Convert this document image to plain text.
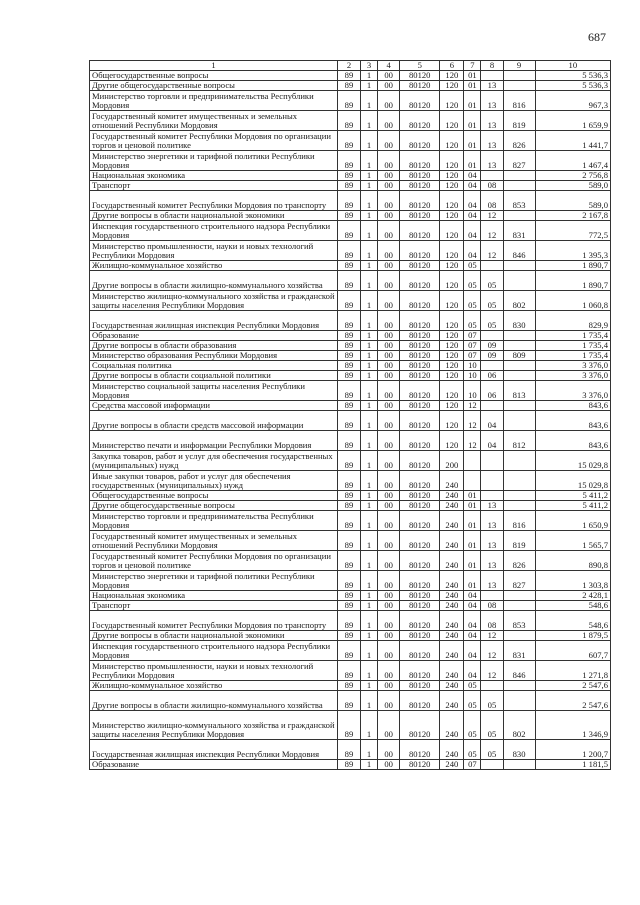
687
1	2	3	4	5	6	7	8	9	10
Общегосударственные вопросы	89	1	00	80120	120	01			5 536,3
Другие общегосударственные вопросы	89	1	00	80120	120	01	13		5 536,3
Министерство торговли и предпринимательства Республики Мордовия	89	1	00	80120	120	01	13	816	967,3
Государственный комитет имущественных и земельных отношений Республики Мордовия	89	1	00	80120	120	01	13	819	1 659,9
Государственный комитет Республики Мордовия по организации торгов и ценовой политике	89	1	00	80120	120	01	13	826	1 441,7
Министерство энергетики и тарифной политики Республики Мордовия	89	1	00	80120	120	01	13	827	1 467,4
Национальная экономика	89	1	00	80120	120	04			2 756,8
Транспорт	89	1	00	80120	120	04	08		589,0
Государственный комитет Республики Мордовия по транспорту	89	1	00	80120	120	04	08	853	589,0
Другие вопросы в области национальной экономики	89	1	00	80120	120	04	12		2 167,8
Инспекция государственного строительного надзора Республики Мордовия	89	1	00	80120	120	04	12	831	772,5
Министерство промышленности, науки и новых технологий Республики Мордовия	89	1	00	80120	120	04	12	846	1 395,3
Жилищно-коммунальное хозяйство	89	1	00	80120	120	05			1 890,7
Другие вопросы в области жилищно-коммунального хозяйства	89	1	00	80120	120	05	05		1 890,7
Министерство жилищно-коммунального хозяйства и гражданской защиты населения Республики Мордовия	89	1	00	80120	120	05	05	802	1 060,8
Государственная жилищная инспекция Республики Мордовия	89	1	00	80120	120	05	05	830	829,9
Образование	89	1	00	80120	120	07			1 735,4
Другие вопросы в области образования	89	1	00	80120	120	07	09		1 735,4
Министерство образования Республики Мордовия	89	1	00	80120	120	07	09	809	1 735,4
Социальная политика	89	1	00	80120	120	10			3 376,0
Другие вопросы в области социальной политики	89	1	00	80120	120	10	06		3 376,0
Министерство социальной защиты населения Республики Мордовия	89	1	00	80120	120	10	06	813	3 376,0
Средства массовой информации	89	1	00	80120	120	12			843,6
Другие вопросы в области средств массовой информации	89	1	00	80120	120	12	04		843,6
Министерство печати и информации Республики Мордовия	89	1	00	80120	120	12	04	812	843,6
Закупка товаров, работ и услуг для обеспечения государственных (муниципальных) нужд	89	1	00	80120	200				15 029,8
Иные закупки товаров, работ и услуг для обеспечения государственных (муниципальных) нужд	89	1	00	80120	240				15 029,8
Общегосударственные вопросы	89	1	00	80120	240	01			5 411,2
Другие общегосударственные вопросы	89	1	00	80120	240	01	13		5 411,2
Министерство торговли и предпринимательства Республики Мордовия	89	1	00	80120	240	01	13	816	1 650,9
Государственный комитет имущественных и земельных отношений Республики Мордовия	89	1	00	80120	240	01	13	819	1 565,7
Государственный комитет Республики Мордовия по организации торгов и ценовой политике	89	1	00	80120	240	01	13	826	890,8
Министерство энергетики и тарифной политики Республики Мордовия	89	1	00	80120	240	01	13	827	1 303,8
Национальная экономика	89	1	00	80120	240	04			2 428,1
Транспорт	89	1	00	80120	240	04	08		548,6
Государственный комитет Республики Мордовия по транспорту	89	1	00	80120	240	04	08	853	548,6
Другие вопросы в области национальной экономики	89	1	00	80120	240	04	12		1 879,5
Инспекция государственного строительного надзора Республики Мордовия	89	1	00	80120	240	04	12	831	607,7
Министерство промышленности, науки и новых технологий Республики Мордовия	89	1	00	80120	240	04	12	846	1 271,8
Жилищно-коммунальное хозяйство	89	1	00	80120	240	05			2 547,6
Другие вопросы в области жилищно-коммунального хозяйства	89	1	00	80120	240	05	05		2 547,6
Министерство жилищно-коммунального хозяйства и гражданской защиты населения Республики Мордовия	89	1	00	80120	240	05	05	802	1 346,9
Государственная жилищная инспекция Республики Мордовия	89	1	00	80120	240	05	05	830	1 200,7
Образование	89	1	00	80120	240	07			1 181,5
